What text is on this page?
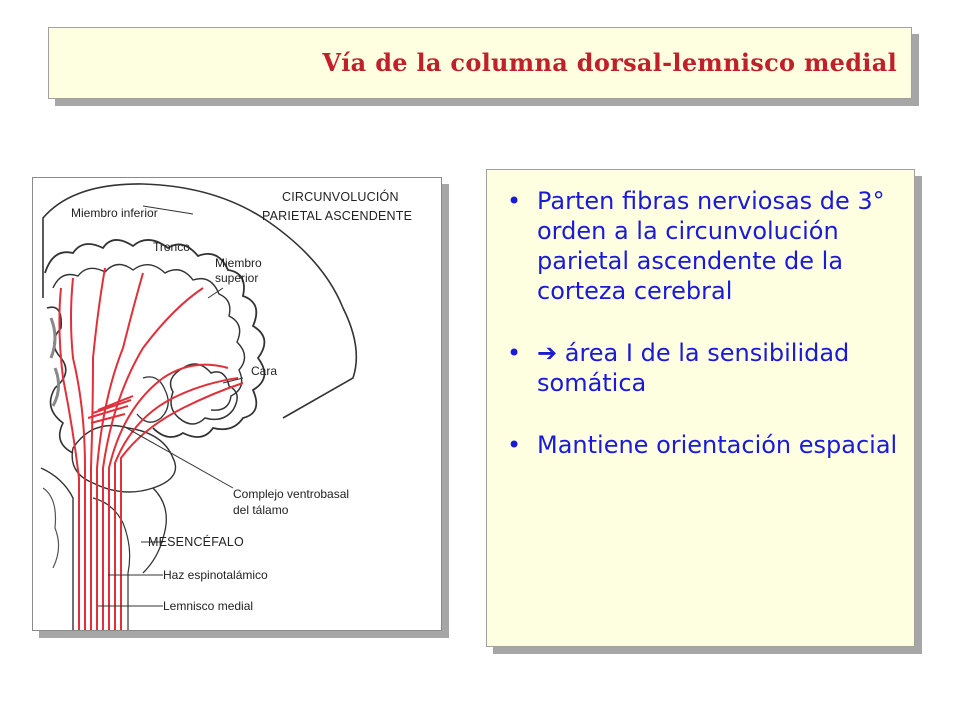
Vía de la columna dorsal-lemnisco medial
CIRCUNVOLUCIÓN
PARIETAL ASCENDENTE
Miembro inferior
Tronco
Miembro
superior
Cara
Complejo ventrobasal
del tálamo
MESENCÉFALO
Haz espinotalámico
Lemnisco medial
• Parten fibras nerviosas de 3° orden a la circunvolución parietal ascendente de la corteza cerebral
• ➔ área I de la sensibilidad somática
• Mantiene orientación espacial
